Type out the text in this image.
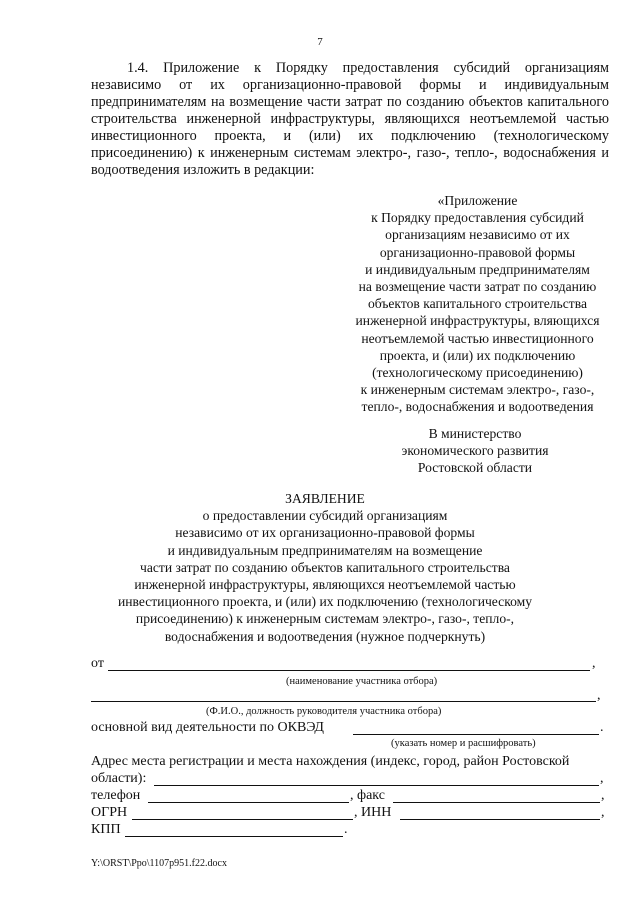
7
1.4. Приложение к Порядку предоставления субсидий организациям независимо от их организационно-правовой формы и индивидуальным предпринимателям на возмещение части затрат по созданию объектов капитального строительства инженерной инфраструктуры, являющихся неотъемлемой частью инвестиционного проекта, и (или) их подключению (технологическому присоединению) к инженерным системам электро-, газо-, тепло-, водоснабжения и водоотведения изложить в редакции:
«Приложение
к Порядку предоставления субсидий
организациям независимо от их
организационно-правовой формы
и индивидуальным предпринимателям
на возмещение части затрат по созданию
объектов капитального строительства
инженерной инфраструктуры, вляющихся
неотъемлемой частью инвестиционного
проекта, и (или) их подключению
(технологическому присоединению)
к инженерным системам электро-, газо-,
тепло-, водоснабжения и водоотведения
В министерство
экономического развития
Ростовской области
ЗАЯВЛЕНИЕ
о предоставлении субсидий организациям
независимо от их организационно-правовой формы
и индивидуальным предпринимателям на возмещение
части затрат по созданию объектов капитального строительства
инженерной инфраструктуры, являющихся неотъемлемой частью
инвестиционного проекта, и (или) их подключению (технологическому
присоединению) к инженерным системам электро-, газо-, тепло-,
водоснабжения и водоотведения (нужное подчеркнуть)
от	,
(наименование участника отбора)
,
(Ф.И.О., должность руководителя участника отбора)
основной вид деятельности по ОКВЭД	.
(указать номер и расшифровать)
Адрес места регистрации и места нахождения (индекс, город, район Ростовской
области):	,
телефон	, факс	,
ОГРН	, ИНН	,
КПП	.
Y:\ORST\Ppo\1107p951.f22.docx
